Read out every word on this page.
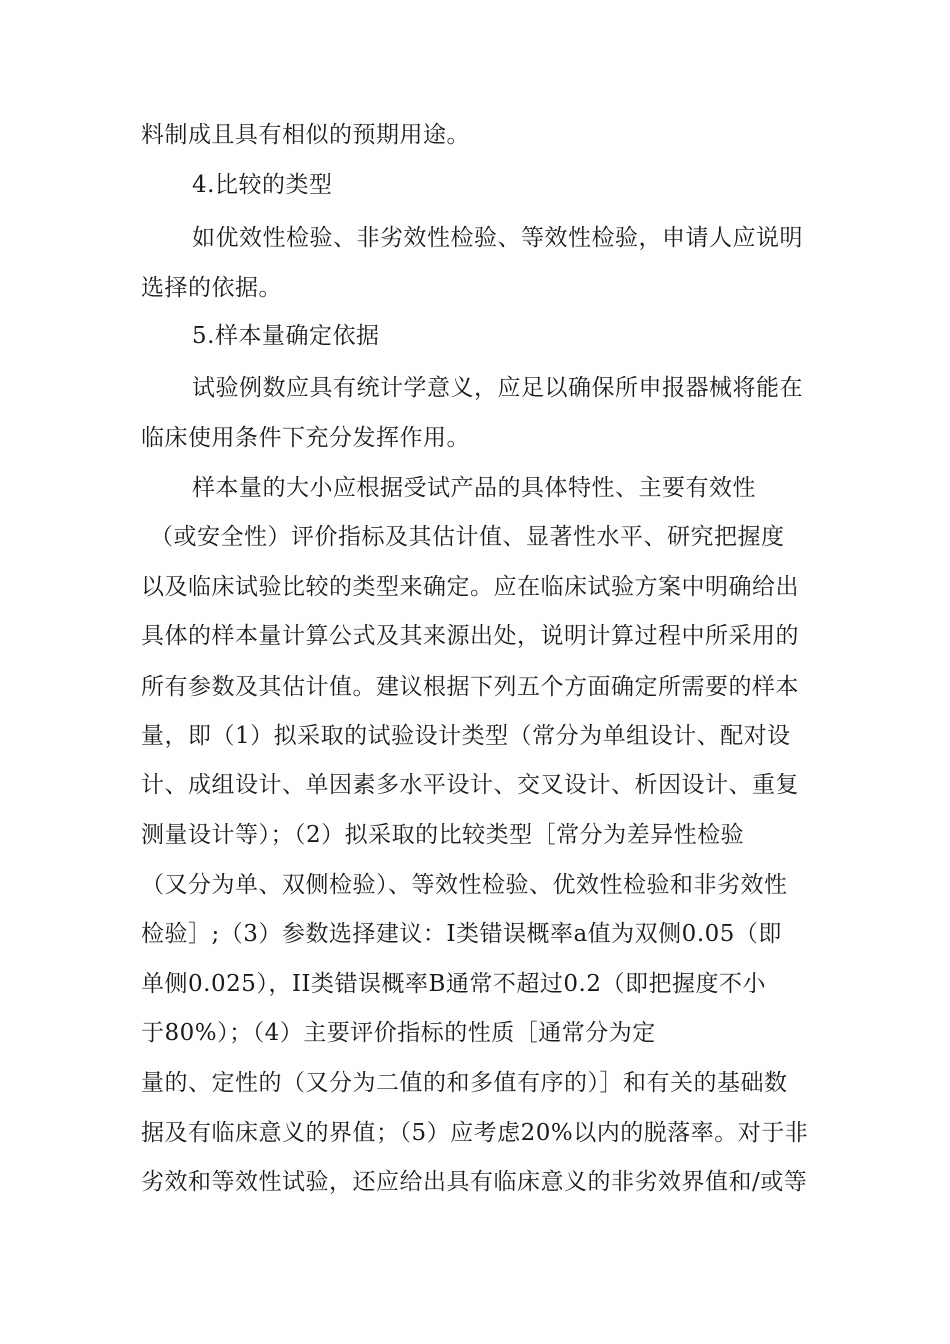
料制成且具有相似的预期用途。
4.比较的类型
如优效性检验、非劣效性检验、等效性检验，申请人应说明
选择的依据。
5.样本量确定依据
试验例数应具有统计学意义，应足以确保所申报器械将能在
临床使用条件下充分发挥作用。
样本量的大小应根据受试产品的具体特性、主要有效性
（或安全性）评价指标及其估计值、显著性水平、研究把握度
以及临床试验比较的类型来确定。应在临床试验方案中明确给出
具体的样本量计算公式及其来源出处，说明计算过程中所采用的
所有参数及其估计值。建议根据下列五个方面确定所需要的样本
量，即（1）拟采取的试验设计类型（常分为单组设计、配对设
计、成组设计、单因素多水平设计、交叉设计、析因设计、重复
测量设计等）；（2）拟采取的比较类型［常分为差异性检验
（又分为单、双侧检验）、等效性检验、优效性检验和非劣效性
检验］;（3）参数选择建议：I类错误概率a值为双侧0.05（即
单侧0.025），II类错误概率B通常不超过0.2（即把握度不小
于80%）；（4）主要评价指标的性质［通常分为定
量的、定性的（又分为二值的和多值有序的）］和有关的基础数
据及有临床意义的界值；（5）应考虑20%以内的脱落率。对于非
劣效和等效性试验，还应给出具有临床意义的非劣效界值和/或等
